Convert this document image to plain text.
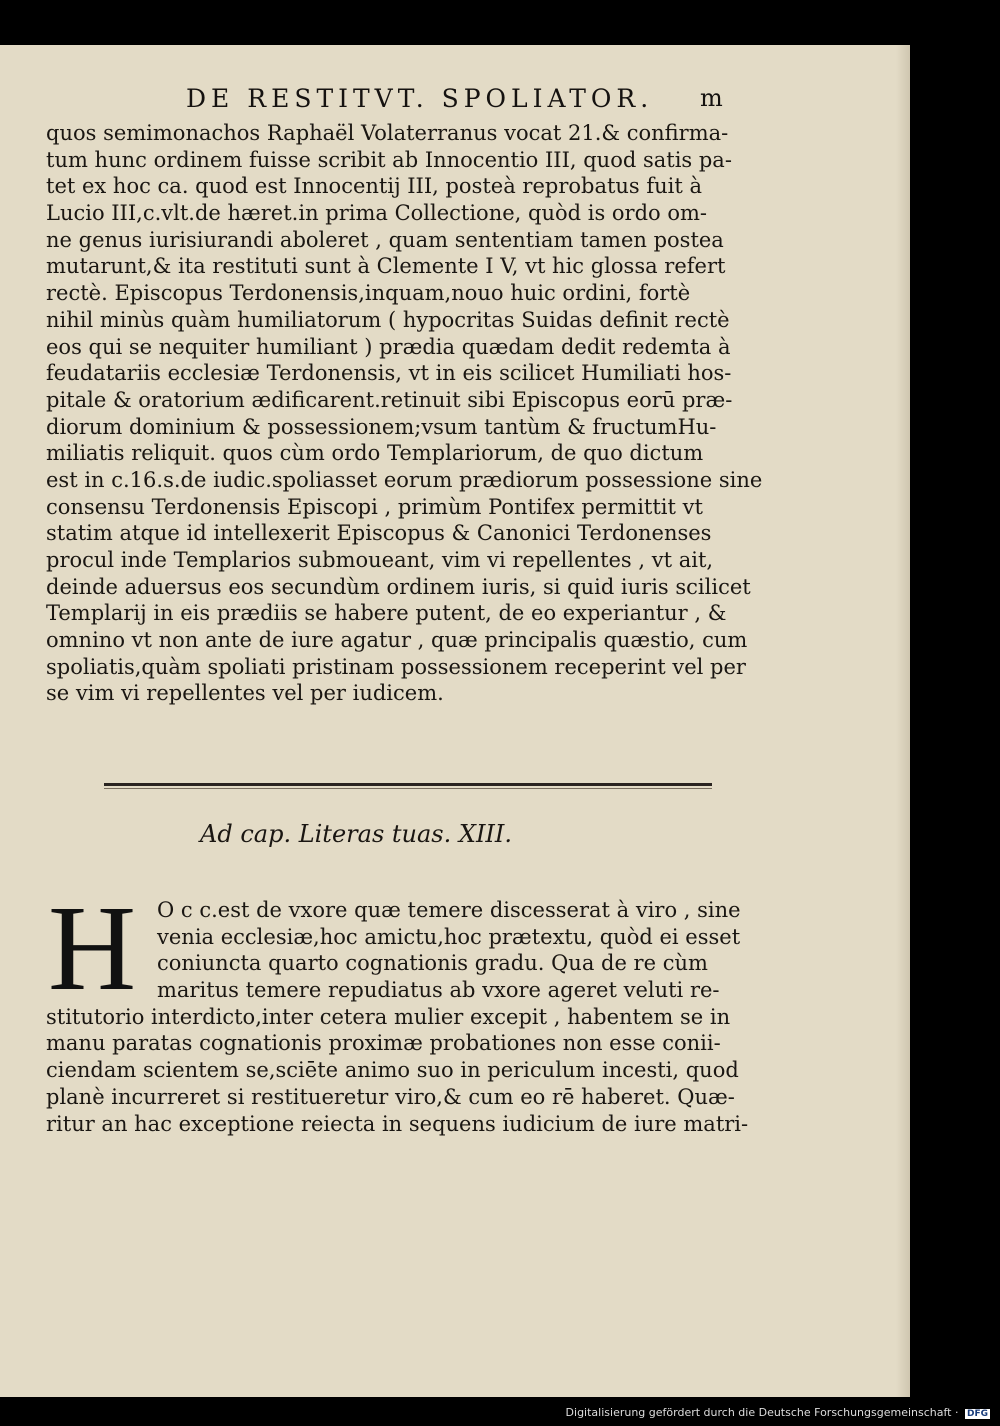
DE RESTITVT. SPOLIATOR. m
quos semimonachos Raphaël Volaterranus vocat 21.& confirma-
tum hunc ordinem fuisse scribit ab Innocentio III, quod satis pa-
tet ex hoc ca. quod est Innocentij III, posteà reprobatus fuit à
Lucio III,c.vlt.de hæret.in prima Collectione, quòd is ordo om-
ne genus iurisiurandi aboleret , quam sententiam tamen postea
mutarunt,& ita restituti sunt à Clemente I V, vt hic glossa refert
rectè. Episcopus Terdonensis,inquam,nouo huic ordini, fortè
nihil minùs quàm humiliatorum ( hypocritas Suidas definit rectè
eos qui se nequiter humiliant ) prædia quædam dedit redemta à
feudatariis ecclesiæ Terdonensis, vt in eis scilicet Humiliati hos-
pitale & oratorium ædificarent.retinuit sibi Episcopus eorū præ-
diorum dominium & possessionem;vsum tantùm & fructumHu-
miliatis reliquit. quos cùm ordo Templariorum, de quo dictum
est in c.16.s.de iudic.spoliasset eorum prædiorum possessione sine
consensu Terdonensis Episcopi , primùm Pontifex permittit vt
statim atque id intellexerit Episcopus & Canonici Terdonenses
procul inde Templarios submoueant, vim vi repellentes , vt ait,
deinde aduersus eos secundùm ordinem iuris, si quid iuris scilicet
Templarij in eis prædiis se habere putent, de eo experiantur , &
omnino vt non ante de iure agatur , quæ principalis quæstio, cum
spoliatis,quàm spoliati pristinam possessionem receperint vel per
se vim vi repellentes vel per iudicem.
Ad cap. Literas tuas. XIII.
H O c c.est de vxore quæ temere discesserat à viro , sine
venia ecclesiæ,hoc amictu,hoc prætextu, quòd ei esset
coniuncta quarto cognationis gradu. Qua de re cùm
maritus temere repudiatus ab vxore ageret veluti re-
stitutorio interdicto,inter cetera mulier excepit , habentem se in
manu paratas cognationis proximæ probationes non esse conii-
ciendam scientem se,sciēte animo suo in periculum incesti, quod
planè incurreret si restitueretur viro,& cum eo rē haberet. Quæ-
ritur an hac exceptione reiecta in sequens iudicium de iure matri-
Digitalisierung gefördert durch die Deutsche Forschungsgemeinschaft · DFG
